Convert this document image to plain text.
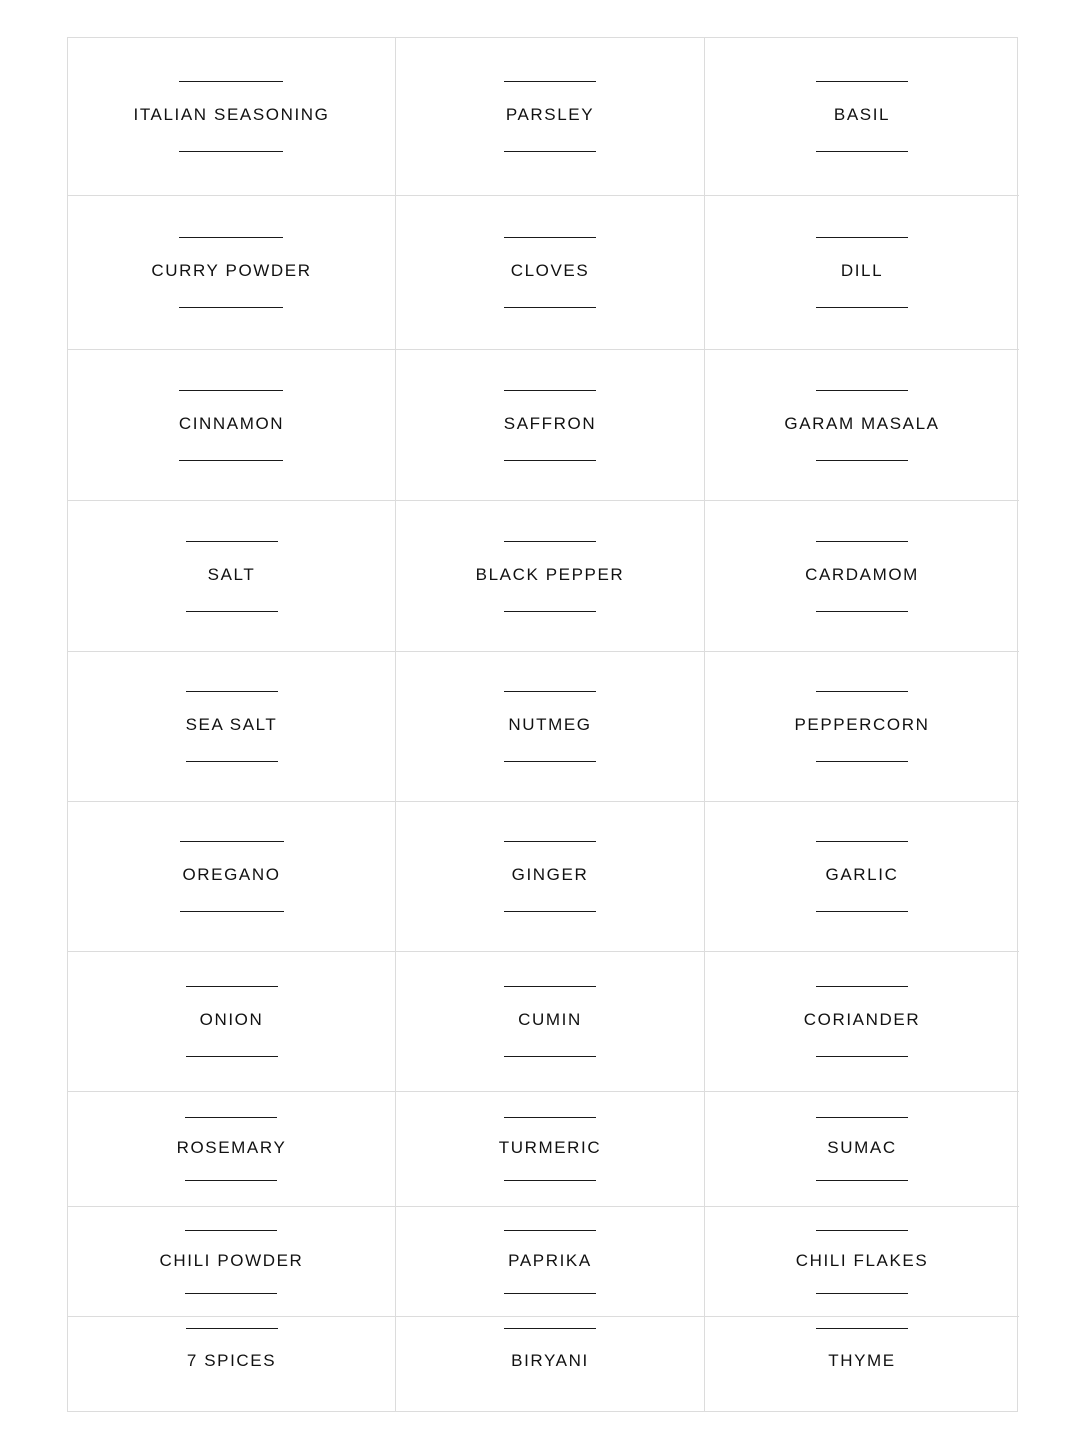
ITALIAN SEASONING	PARSLEY	BASIL
CURRY POWDER	CLOVES	DILL
CINNAMON	SAFFRON	GARAM MASALA
SALT	BLACK PEPPER	CARDAMOM
SEA SALT	NUTMEG	PEPPERCORN
OREGANO	GINGER	GARLIC
ONION	CUMIN	CORIANDER
ROSEMARY	TURMERIC	SUMAC
CHILI POWDER	PAPRIKA	CHILI FLAKES
7 SPICES	BIRYANI	THYME
